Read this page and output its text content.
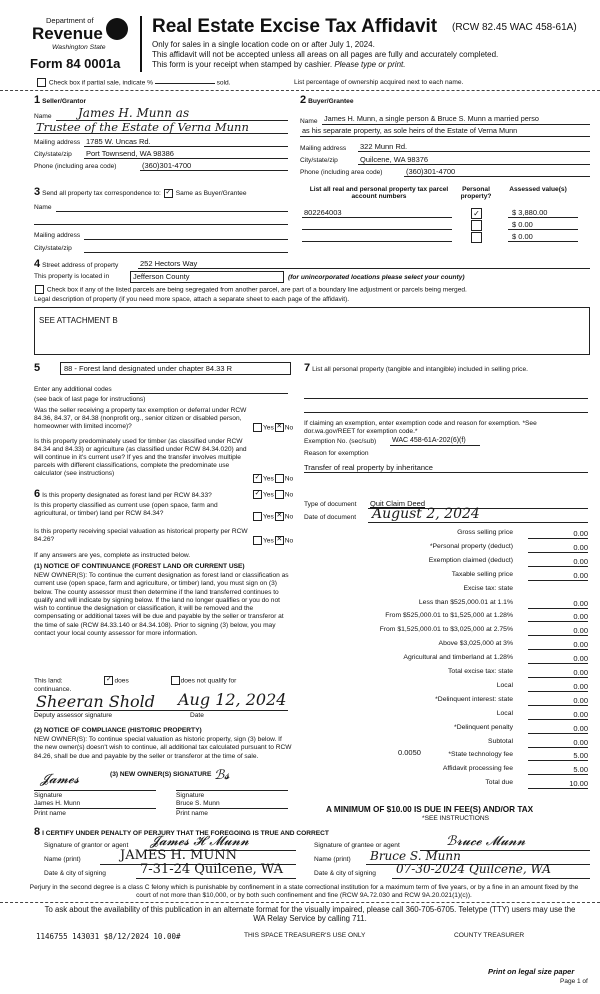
Department of
Revenue
Washington State
Form 84 0001a
Real Estate Excise Tax Affidavit (RCW 82.45 WAC 458-61A)
Only for sales in a single location code on or after July 1, 2024.
This affidavit will not be accepted unless all areas on all pages are fully and accurately completed.
This form is your receipt when stamped by cashier. Please type or print.
Check box if partial sale, indicate %	sold.	List percentage of ownership acquired next to each name.
1 Seller/Grantor
Name James H. Munn as
Trustee of the Estate of Verna Munn
Mailing address 1785 W. Uncas Rd.
City/state/zip Port Townsend, WA 98386
Phone (including area code)	(360)301-4700
2 Buyer/Grantee
Name James H. Munn, a single person & Bruce S. Munn a married perso
as his separate property, as sole heirs of the Estate of Verna Munn
Mailing address 322 Munn Rd.
City/state/zip	Quilcene, WA 98376
Phone (including area code)	(360)301-4700
3 Send all property tax correspondence to: ✓ Same as Buyer/Grantee
Name
Mailing address
City/state/zip
List all real and personal property tax parcel account numbers
Personal property?
Assessed value(s)
802264003	✓	$ 3,880.00
$ 0.00
$ 0.00
4 Street address of property	252 Hectors Way
This property is located in	Jefferson County	(for unincorporated locations please select your county)
Check box if any of the listed parcels are being segregated from another parcel, are part of a boundary line adjustment or parcels being merged.
Legal description of property (if you need more space, attach a separate sheet to each page of the affidavit).
SEE ATTACHMENT B
5	88 - Forest land designated under chapter 84.33 R
Enter any additional codes
(see back of last page for instructions)
Was the seller receiving a property tax exemption or deferral under RCW 84.36, 84.37, or 84.38 (nonprofit org., senior citizen or disabled person, homeowner with limited income)?	Yes ✕ No
Is this property predominately used for timber (as classified under RCW 84.34 and 84.33) or agriculture (as classified under RCW 84.34.020) and will continue in it's current use? If yes and the transfer involves multiple parcels with different classifications, complete the predominate use calculator (see instructions)
✓ Yes No
6 Is this property designated as forest land per RCW 84.33?	✓ Yes No
Is this property classified as current use (open space, farm and agricultural, or timber) land per RCW 84.34?	Yes ✕ No
Is this property receiving special valuation as historical property per RCW 84.26?	Yes ✕ No
If any answers are yes, complete as instructed below.
(1) NOTICE OF CONTINUANCE (FOREST LAND OR CURRENT USE)
NEW OWNER(S): To continue the current designation as forest land or classification as current use (open space, farm and agriculture, or timber) land, you must sign on (3) below. The county assessor must then determine if the land transferred continues to qualify and will indicate by signing below. If the land no longer qualifies or you do not wish to continue the designation or classification, it will be removed and the compensating or additional taxes will be due and payable by the seller or transferor at the time of sale (RCW 84.33.140 or 84.34.108). Prior to signing (3) below, you may contact your local county assessor for more information.
This land:	✓ does	does not qualify for
continuance.
Sheeran Shold Aug 12, 2024
Deputy assessor signature	Date
(2) NOTICE OF COMPLIANCE (HISTORIC PROPERTY)
NEW OWNER(S): To continue special valuation as historic property, sign (3) below. If the new owner(s) doesn't wish to continue, all additional tax calculated pursuant to RCW 84.26, shall be due and payable by the seller or transferor at the time of sale.
(3) NEW OWNER(S) SIGNATURE
𝓙𝓪𝓶𝓮𝓼	ℬ𝓼
Signature
James H. Munn
Signature
Bruce S. Munn
Print name	Print name
7 List all personal property (tangible and intangible) included in selling price.
If claiming an exemption, enter exemption code and reason for exemption. *See dor.wa.gov/REET for exemption code.*
Exemption No. (sec/sub) WAC 458-61A-202(6)(f)
Reason for exemption
Transfer of real property by inheritance
Type of document Quit Claim Deed
Date of document August 2, 2024
Gross selling price	0.00
*Personal property (deduct)	0.00
Exemption claimed (deduct)	0.00
Taxable selling price	0.00
Excise tax: state
Less than $525,000.01 at 1.1%	0.00
From $525,000.01 to $1,525,000 at 1.28%	0.00
From $1,525,000.01 to $3,025,000 at 2.75%	0.00
Above $3,025,000 at 3%	0.00
Agricultural and timberland at 1.28%	0.00
Total excise tax: state	0.00
Local	0.00
*Delinquent interest: state	0.00
Local	0.00
*Delinquent penalty	0.00
Subtotal	0.00
*State technology fee	5.00
Affidavit processing fee	5.00
Total due	10.00
0.0050
A MINIMUM OF $10.00 IS DUE IN FEE(S) AND/OR TAX
*SEE INSTRUCTIONS
8 I CERTIFY UNDER PENALTY OF PERJURY THAT THE FOREGOING IS TRUE AND CORRECT
Signature of grantor or agent 𝓙𝓪𝓶𝓮𝓼 𝓗 𝓜𝓾𝓷𝓷
Name (print)	JAMES H. MUNN
Date & city of signing	7-31-24 Quilcene, WA
Signature of grantee or agent	ℬ𝓻𝓾𝓬𝓮 𝓜𝓾𝓷𝓷
Name (print) Bruce S. Munn
Date & city of signing 07-30-2024 Quilcene, WA
Perjury in the second degree is a class C felony which is punishable by confinement in a state correctional institution for a maximum term of five years, or by a fine in an amount fixed by the court of not more than $10,000, or by both such confinement and fine (RCW 9A.72.030 and RCW 9A.20.021(1)(c)).
To ask about the availability of this publication in an alternate format for the visually impaired, please call 360-705-6705. Teletype (TTY) users may use the WA Relay Service by calling 711.
1146755 143031 $8/12/2024 10.00#	THIS SPACE TREASURER'S USE ONLY	COUNTY TREASURER
Print on legal size paper
Page 1 of
